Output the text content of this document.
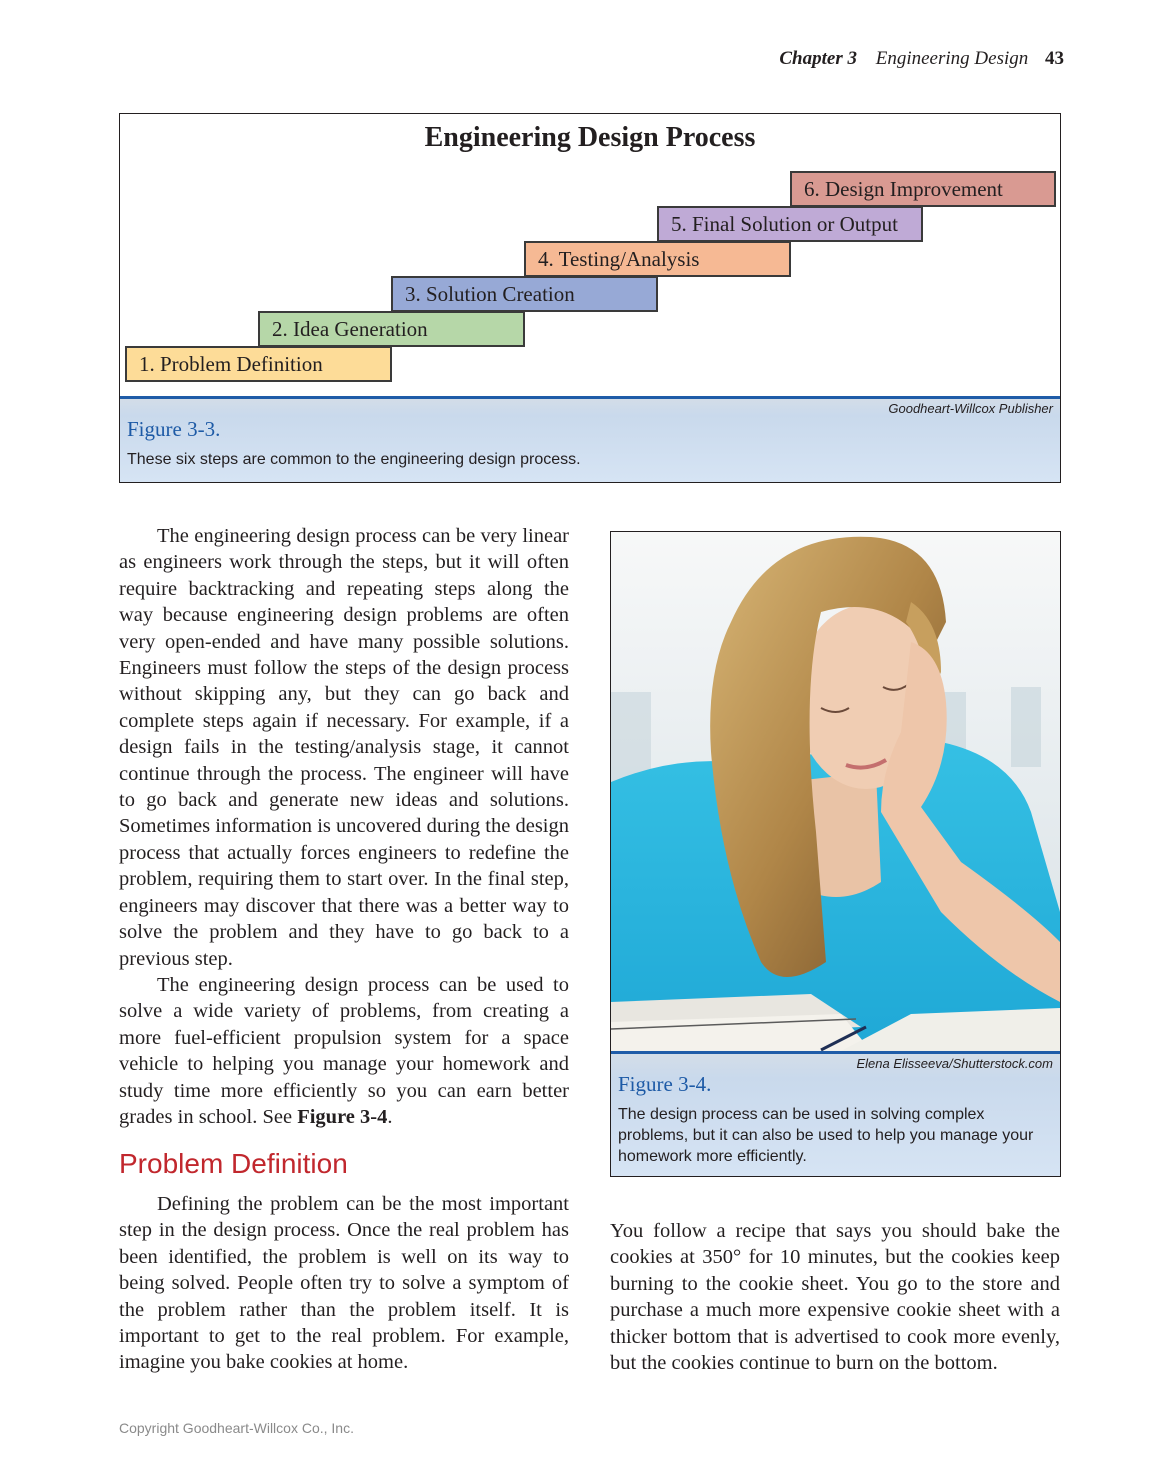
Chapter 3 Engineering Design 43
Engineering Design Process
1. Problem Definition
2. Idea Generation
3. Solution Creation
4. Testing/Analysis
5. Final Solution or Output
6. Design Improvement
Goodheart-Willcox Publisher
Figure 3-3.
These six steps are common to the engineering design process.

The engineering design process can be very linear as engineers work through the steps, but it will often require backtracking and repeating steps along the way because engineering design problems are often very open-ended and have many possible solutions. Engineers must follow the steps of the design process without skipping any, but they can go back and complete steps again if necessary. For example, if a design fails in the testing/analysis stage, it cannot continue through the process. The engineer will have to go back and generate new ideas and solutions. Sometimes information is uncovered during the design process that actually forces engineers to redefine the problem, requiring them to start over. In the final step, engineers may discover that there was a better way to solve the problem and they have to go back to a previous step.

The engineering design process can be used to solve a wide variety of problems, from creating a more fuel-efficient propulsion system for a space vehicle to helping you manage your homework and study time more efficiently so you can earn better grades in school. See Figure 3-4.

Problem Definition

Defining the problem can be the most important step in the design process. Once the real problem has been identified, the problem is well on its way to being solved. People often try to solve a symptom of the problem rather than the problem itself. It is important to get to the real problem. For example, imagine you bake cookies at home.

Elena Elisseeva/Shutterstock.com
Figure 3-4.
The design process can be used in solving complex problems, but it can also be used to help you manage your homework more efficiently.

You follow a recipe that says you should bake the cookies at 350° for 10 minutes, but the cookies keep burning to the cookie sheet. You go to the store and purchase a much more expensive cookie sheet with a thicker bottom that is advertised to cook more evenly, but the cookies continue to burn on the bottom.

Copyright Goodheart-Willcox Co., Inc.
